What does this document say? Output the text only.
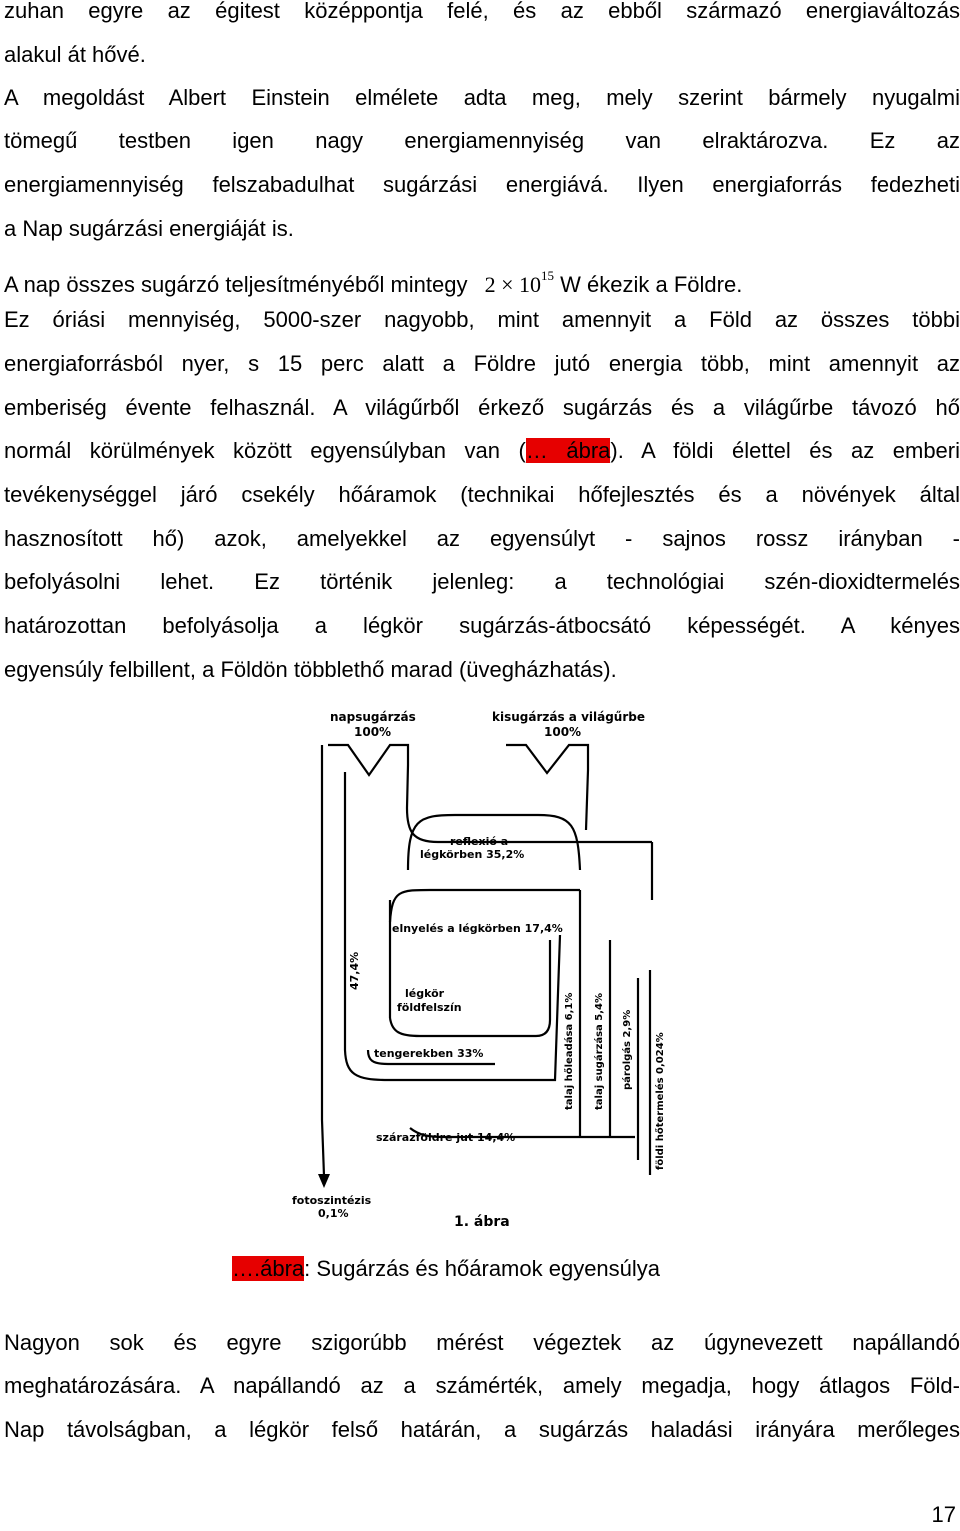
zuhan egyre az égitest középpontja felé, és az ebből származó energiaváltozás
alakul át hővé.
A megoldást Albert Einstein elmélete adta meg, mely szerint bármely nyugalmi
tömegű testben igen nagy energiamennyiség van elraktározva. Ez az
energiamennyiség felszabadulhat sugárzási energiává. Ilyen energiaforrás fedezheti
a Nap sugárzási energiáját is.
A nap összes sugárzó teljesítményéből mintegy $2 \times 10^{15}$ W ékezik a Földre.
Ez óriási mennyiség, 5000-szer nagyobb, mint amennyit a Föld az összes többi
energiaforrásból nyer, s 15 perc alatt a Földre jutó energia több, mint amennyit az
emberiség évente felhasznál. A világűrből érkező sugárzás és a világűrbe távozó hő
normál körülmények között egyensúlyban van (… ábra). A földi élettel és az emberi
tevékenységgel járó csekély hőáramok (technikai hőfejlesztés és a növények által
hasznosított hő) azok, amelyekkel az egyensúlyt - sajnos rossz irányban -
befolyásolni lehet. Ez történik jelenleg: a technológiai szén-dioxidtermelés
határozottan befolyásolja a légkör sugárzás-átbocsátó képességét. A kényes
egyensúly felbillent, a Földön többlethő marad (üvegházhatás).
napsugárzás
100%
kisugárzás a világűrbe
100%
reflexió a
légkörben 35,2%
elnyelés a légkörben 17,4%
47,4%
légkör
földfelszín
tengerekben 33%	talaj hőleadása 6,1% talaj sugárzása 5,4% párolgás 2,9% földi hőtermelés 0,024%
szárazföldre jut 14,4%
fotoszintézis
0,1%
1. ábra
….ábra: Sugárzás és hőáramok egyensúlya
Nagyon sok és egyre szigorúbb mérést végeztek az úgynevezett napállandó
meghatározására. A napállandó az a számérték, amely megadja, hogy átlagos Föld-
Nap távolságban, a légkör felső határán, a sugárzás haladási irányára merőleges
17
